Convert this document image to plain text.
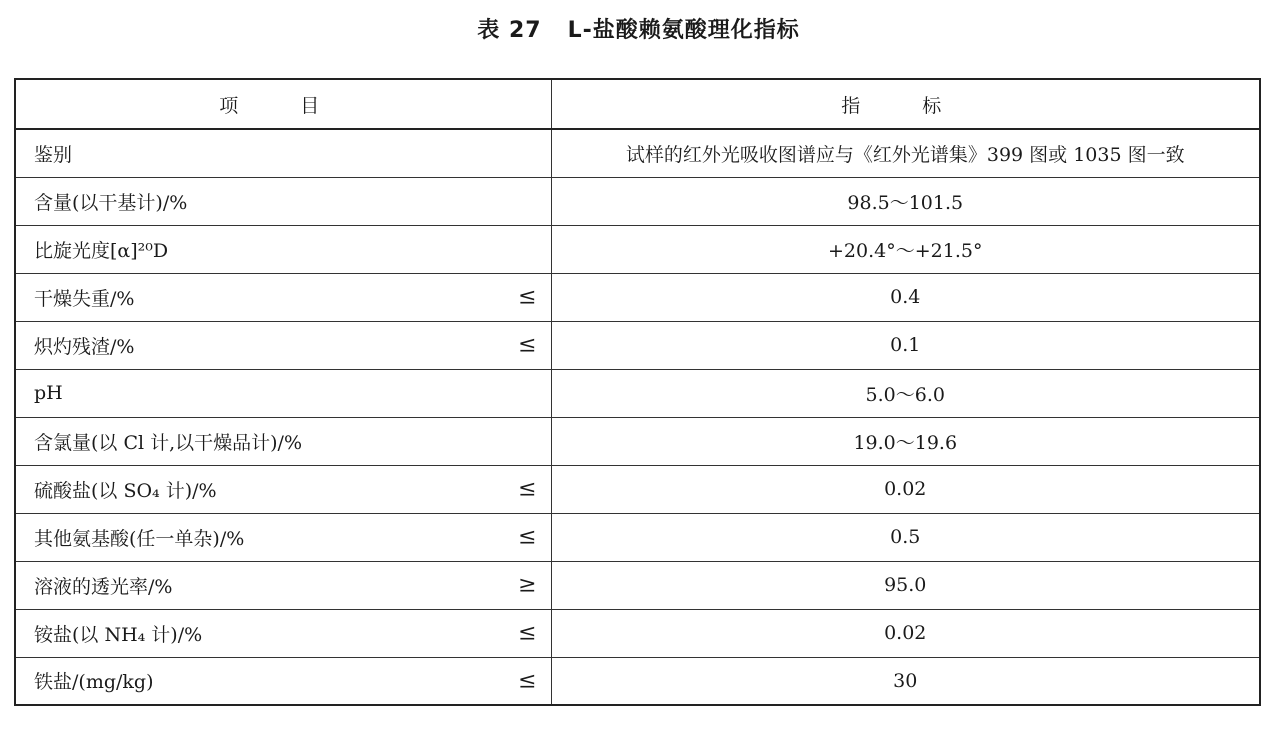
表 27 L-盐酸赖氨酸理化指标
项 目	指 标
鉴别	试样的红外光吸收图谱应与《红外光谱集》399 图或 1035 图一致
含量(以干基计)/%	98.5～101.5
比旋光度[α]²⁰D	+20.4°～+21.5°
干燥失重/% ≤	0.4
炽灼残渣/% ≤	0.1
pH	5.0～6.0
含氯量(以 Cl 计,以干燥品计)/%	19.0～19.6
硫酸盐(以 SO₄ 计)/% ≤	0.02
其他氨基酸(任一单杂)/% ≤	0.5
溶液的透光率/% ≥	95.0
铵盐(以 NH₄ 计)/% ≤	0.02
铁盐/(mg/kg) ≤	30
